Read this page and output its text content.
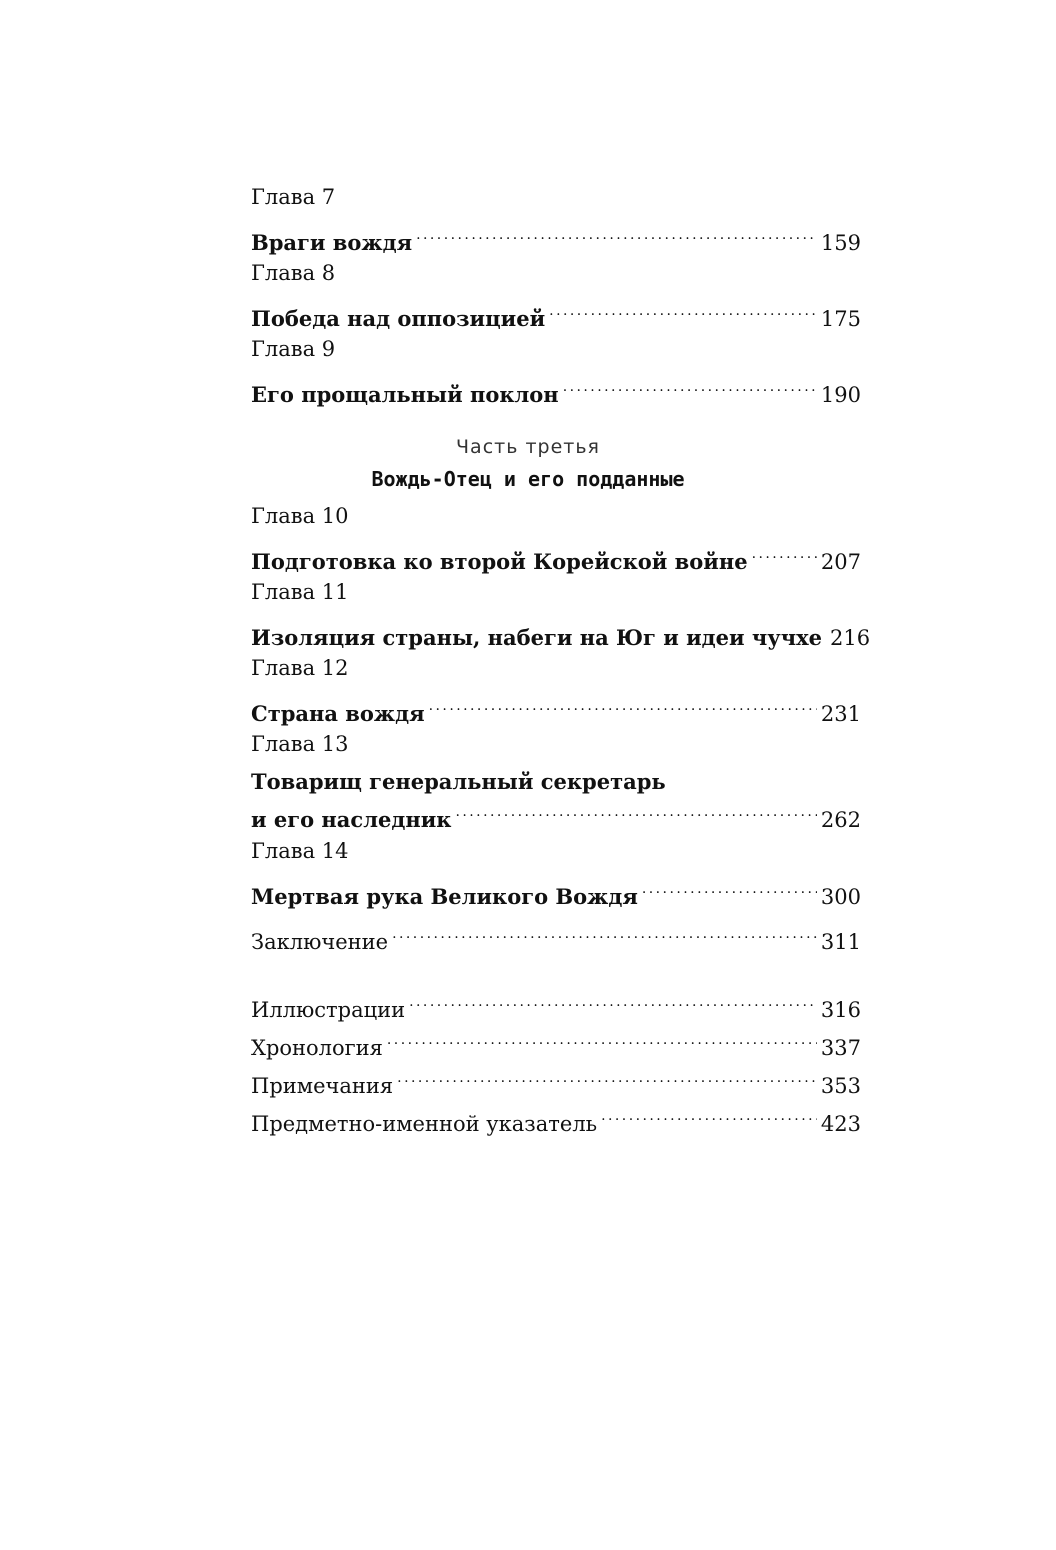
Глава 7
Враги вождя . . .	159
Глава 8
Победа над оппозицией . . .	175
Глава 9
Его прощальный поклон . . .	190
Часть третья
Вождь-Отец и его подданные
Глава 10
Подготовка ко второй Корейской войне . . .	207
Глава 11
Изоляция страны, набеги на Юг и идеи чучхе 216
Глава 12
Страна вождя . . .	231
Глава 13
Товарищ генеральный секретарь
и его наследник . . .	262
Глава 14
Мертвая рука Великого Вождя . . .	300
Заключение . . .	311
Иллюстрации . . .	316
Хронология . . .	337
Примечания . . .	353
Предметно-именной указатель . . .	423
